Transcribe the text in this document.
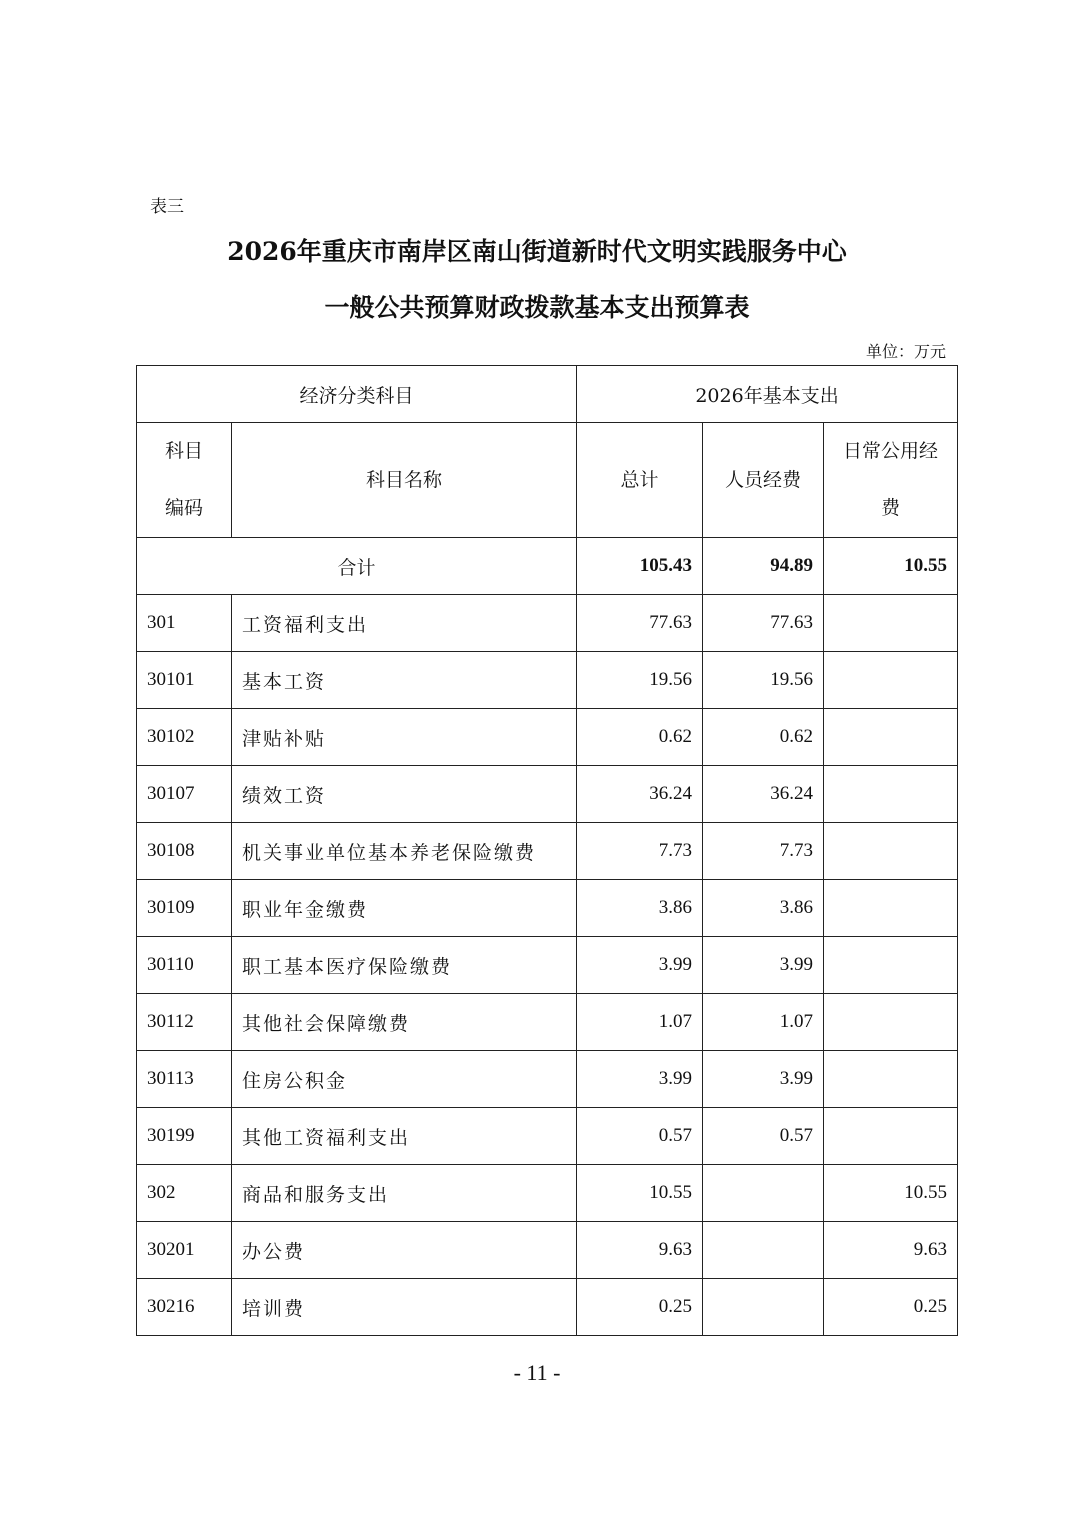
表三
2026年重庆市南岸区南山街道新时代文明实践服务中心
一般公共预算财政拨款基本支出预算表
单位：万元
经济分类科目		2026年基本支出		

科目编码	科目名称	总计	人员经费	日常公用经费

合计		105.43	94.89	10.55
301	工资福利支出	77.63	77.63	
30101	基本工资	19.56	19.56	
30102	津贴补贴	0.62	0.62	
30107	绩效工资	36.24	36.24	
30108	机关事业单位基本养老保险缴费	7.73	7.73	
30109	职业年金缴费	3.86	3.86	
30110	职工基本医疗保险缴费	3.99	3.99	
30112	其他社会保障缴费	1.07	1.07	
30113	住房公积金	3.99	3.99	
30199	其他工资福利支出	0.57	0.57	
302	商品和服务支出	10.55		10.55
30201	办公费	9.63		9.63
30216	培训费	0.25		0.25
- 11 -
